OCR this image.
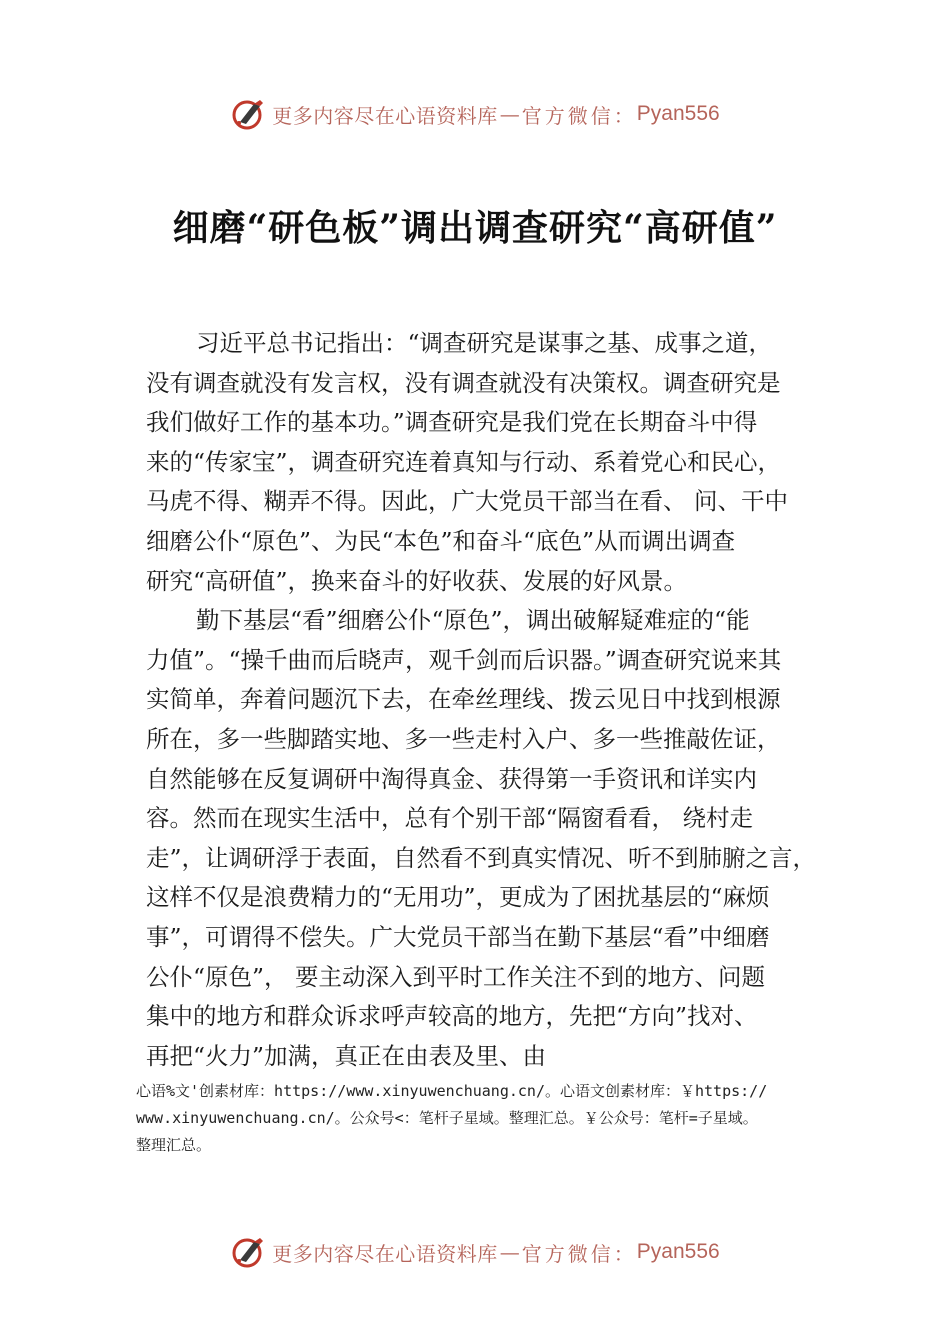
更多内容尽在心语资料库 — 官方微信： Pyan556
细磨“研色板”调出调查研究“高研值”
习近平总书记指出：“调查研究是谋事之基、成事之道，
没有调查就没有发言权，没有调查就没有决策权。调查研究是
我们做好工作的基本功。”调查研究是我们党在长期奋斗中得
来的“传家宝”，调查研究连着真知与行动、系着党心和民心，
马虎不得、糊弄不得。因此，广大党员干部当在看、 问、干中
细磨公仆“原色”、为民“本色”和奋斗“底色”从而调出调查
研究“高研值”，换来奋斗的好收获、发展的好风景。
勤下基层“看”细磨公仆“原色”，调出破解疑难症的“能
力值”。“操千曲而后晓声，观千剑而后识器。”调查研究说来其
实简单，奔着问题沉下去，在牵丝理线、拨云见日中找到根源
所在，多一些脚踏实地、多一些走村入户、多一些推敲佐证，
自然能够在反复调研中淘得真金、获得第一手资讯和详实内
容。然而在现实生活中，总有个别干部“隔窗看看， 绕村走
走”，让调研浮于表面，自然看不到真实情况、听不到肺腑之言，
这样不仅是浪费精力的“无用功”，更成为了困扰基层的“麻烦
事”，可谓得不偿失。广大党员干部当在勤下基层“看”中细磨
公仆“原色”， 要主动深入到平时工作关注不到的地方、问题
集中的地方和群众诉求呼声较高的地方，先把“方向”找对、
再把“火力”加满，真正在由表及里、由
心语%文'创素材库：https://www.xinyuwenchuang.cn/。心语文创素材库：￥https://
www.xinyuwenchuang.cn/。公众号<：笔杆子星域。整理汇总。￥公众号：笔杆=子星域。
整理汇总。
更多内容尽在心语资料库 — 官方微信： Pyan556
